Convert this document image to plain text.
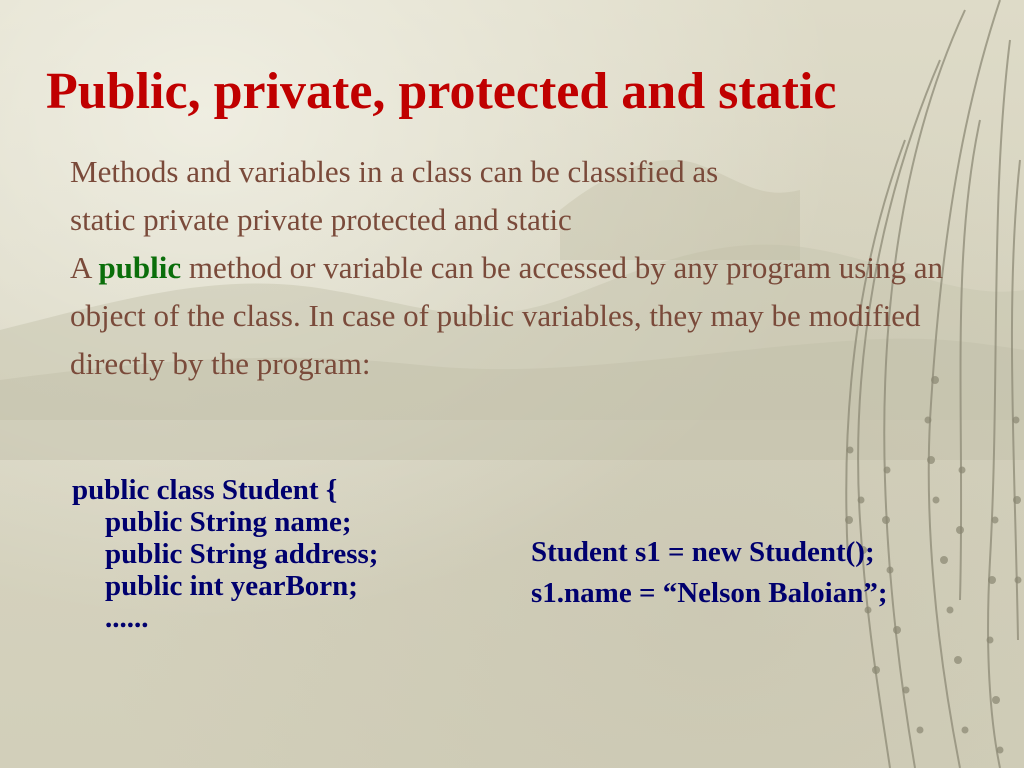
Public, private, protected and static

Methods and variables in a class can be classified as

static private private protected and static

A public method or variable can be accessed by any program using an object of the class. In case of public variables, they may be modified directly by the program:

public class Student {
public String name;
public String address;
public int yearBorn;
......
Student s1 = new Student();
s1.name = “Nelson Baloian”;
